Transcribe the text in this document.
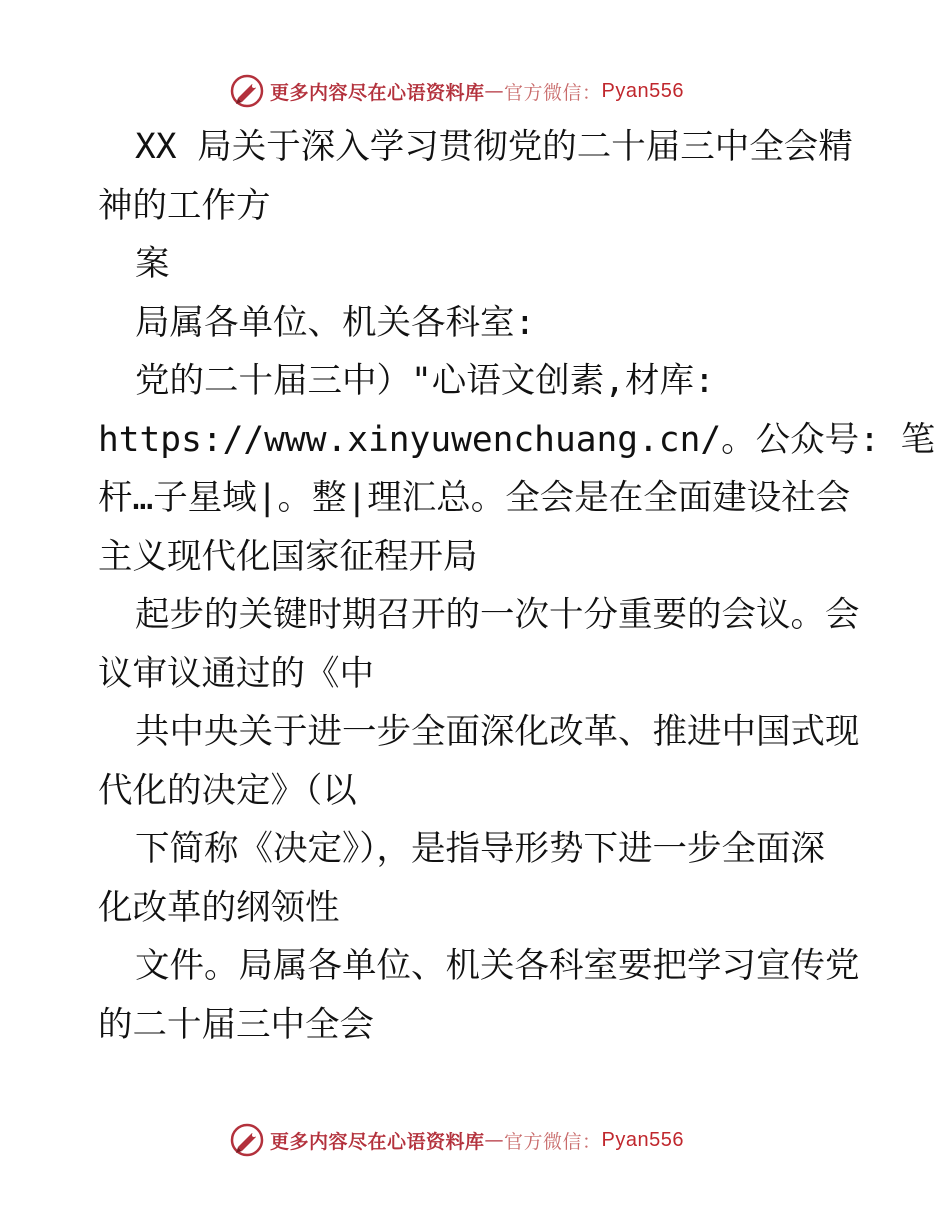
更多内容尽在心语资料库 — 官方微信： Pyan556
XX 局关于深入学习贯彻党的二十届三中全会精
神的工作方
案
局属各单位、机关各科室:
党的二十届三中）"心语文创素,材库:
https://www.xinyuwenchuang.cn/。公众号: 笔
杆…子星域|。整|理汇总。全会是在全面建设社会
主义现代化国家征程开局
起步的关键时期召开的一次十分重要的会议。会
议审议通过的《中
共中央关于进一步全面深化改革、推进中国式现
代化的决定》（以
下简称《决定》），是指导形势下进一步全面深
化改革的纲领性
文件。局属各单位、机关各科室要把学习宣传党
的二十届三中全会
更多内容尽在心语资料库 — 官方微信： Pyan556
